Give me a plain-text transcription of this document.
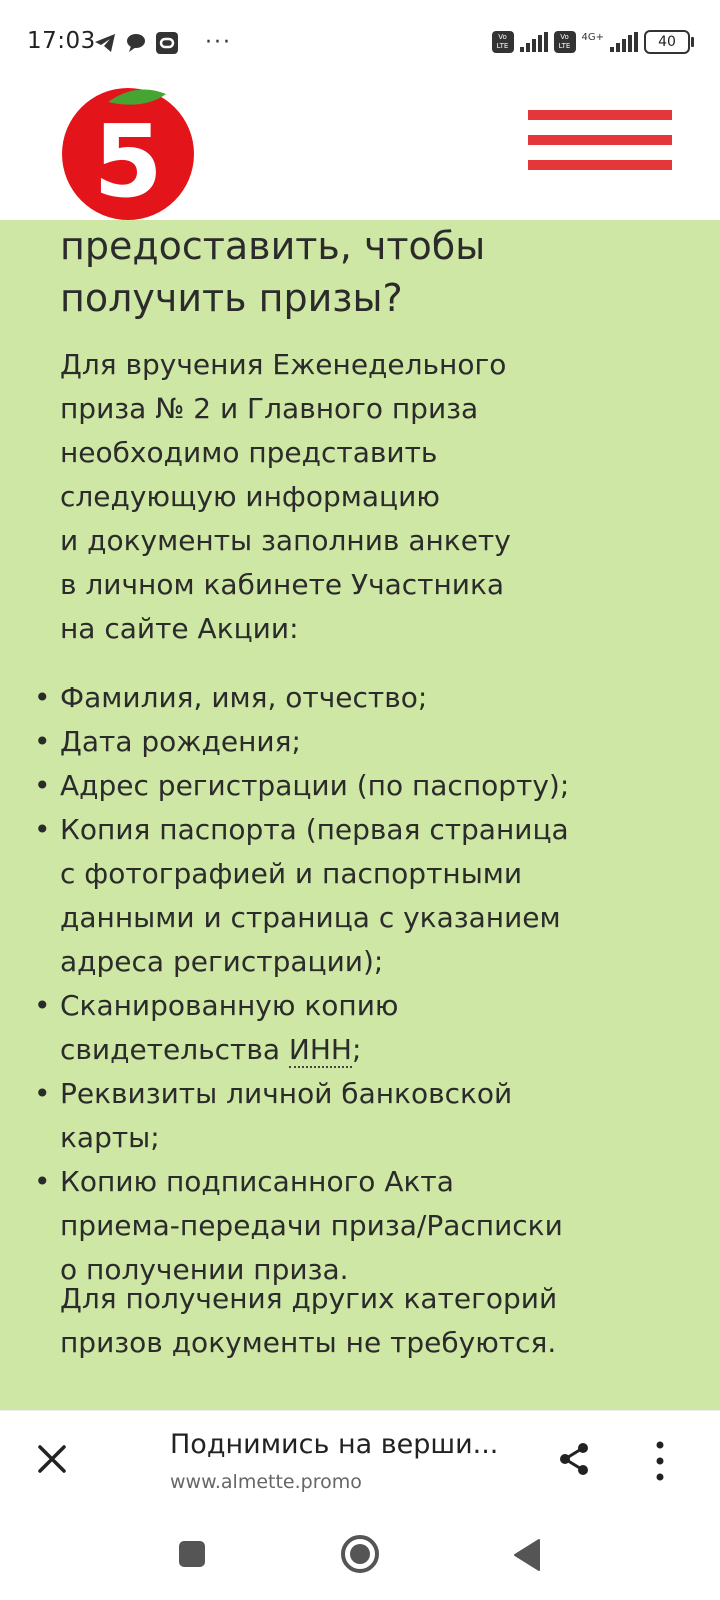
17:03	···	Vo LTE
Vo LTE
4G+	40
5
предоставить, чтобы получить призы?

Для вручения Еженедельного
приза № 2 и Главного приза
необходимо представить
следующую информацию
и документы заполнив анкету
в личном кабинете Участника
на сайте Акции:

• Фамилия, имя, отчество;
• Дата рождения;
• Адрес регистрации (по паспорту);
• Копия паспорта (первая страница
с фотографией и паспортными
данными и страница с указанием
адреса регистрации);
• Сканированную копию
свидетельства ИНН;
• Реквизиты личной банковской
карты;
• Копию подписанного Акта
приема-передачи приза/Расписки
о получении приза.

Для получения других категорий
призов документы не требуются.

Поднимись на верши...
www.almette.promo
